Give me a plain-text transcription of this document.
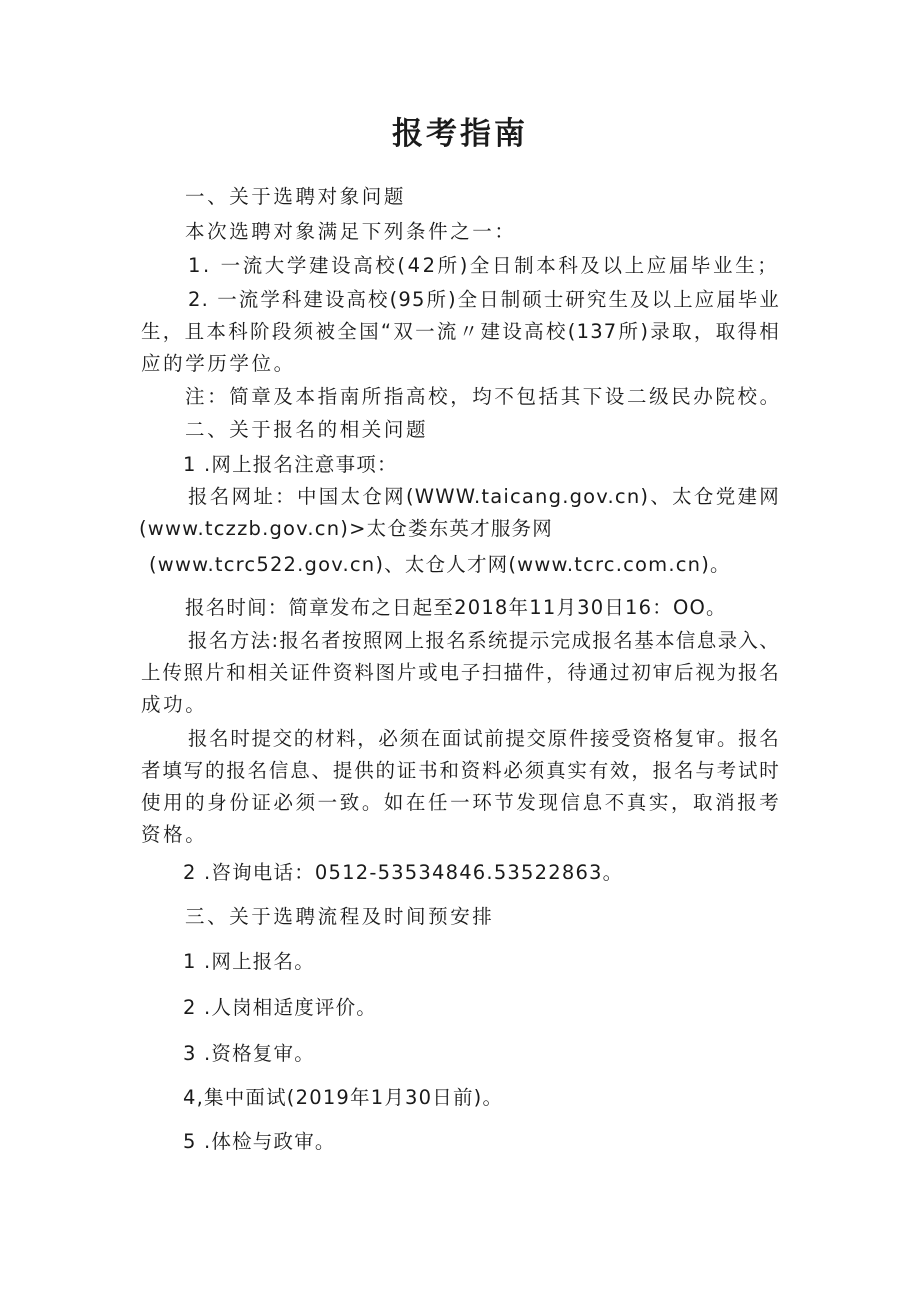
报考指南
一、关于选聘对象问题
本次选聘对象满足下列条件之一：
1. 一流大学建设高校(42所)全日制本科及以上应届毕业生；
2. 一流学科建设高校(95所)全日制硕士研究生及以上应届毕业
生，且本科阶段须被全国“双一流〃建设高校(137所)录取，取得相
应的学历学位。
注：简章及本指南所指高校，均不包括其下设二级民办院校。
二、关于报名的相关问题
1 .网上报名注意事项：
报名网址：中国太仓网(WWW.taicang.gov.cn)、太仓党建网
(www.tczzb.gov.cn)>太仓娄东英才服务网
(www.tcrc522.gov.cn)、太仓人才网(www.tcrc.com.cn)。
报名时间：简章发布之日起至2018年11月30日16：OO。
报名方法:报名者按照网上报名系统提示完成报名基本信息录入、
上传照片和相关证件资料图片或电子扫描件，待通过初审后视为报名
成功。
报名时提交的材料，必须在面试前提交原件接受资格复审。报名
者填写的报名信息、提供的证书和资料必须真实有效，报名与考试时
使用的身份证必须一致。如在任一环节发现信息不真实，取消报考
资格。
2 .咨询电话：0512-53534846.53522863。
三、关于选聘流程及时间预安排
1 .网上报名。
2 .人岗相适度评价。
3 .资格复审。
4,集中面试(2019年1月30日前)。
5 .体检与政审。
